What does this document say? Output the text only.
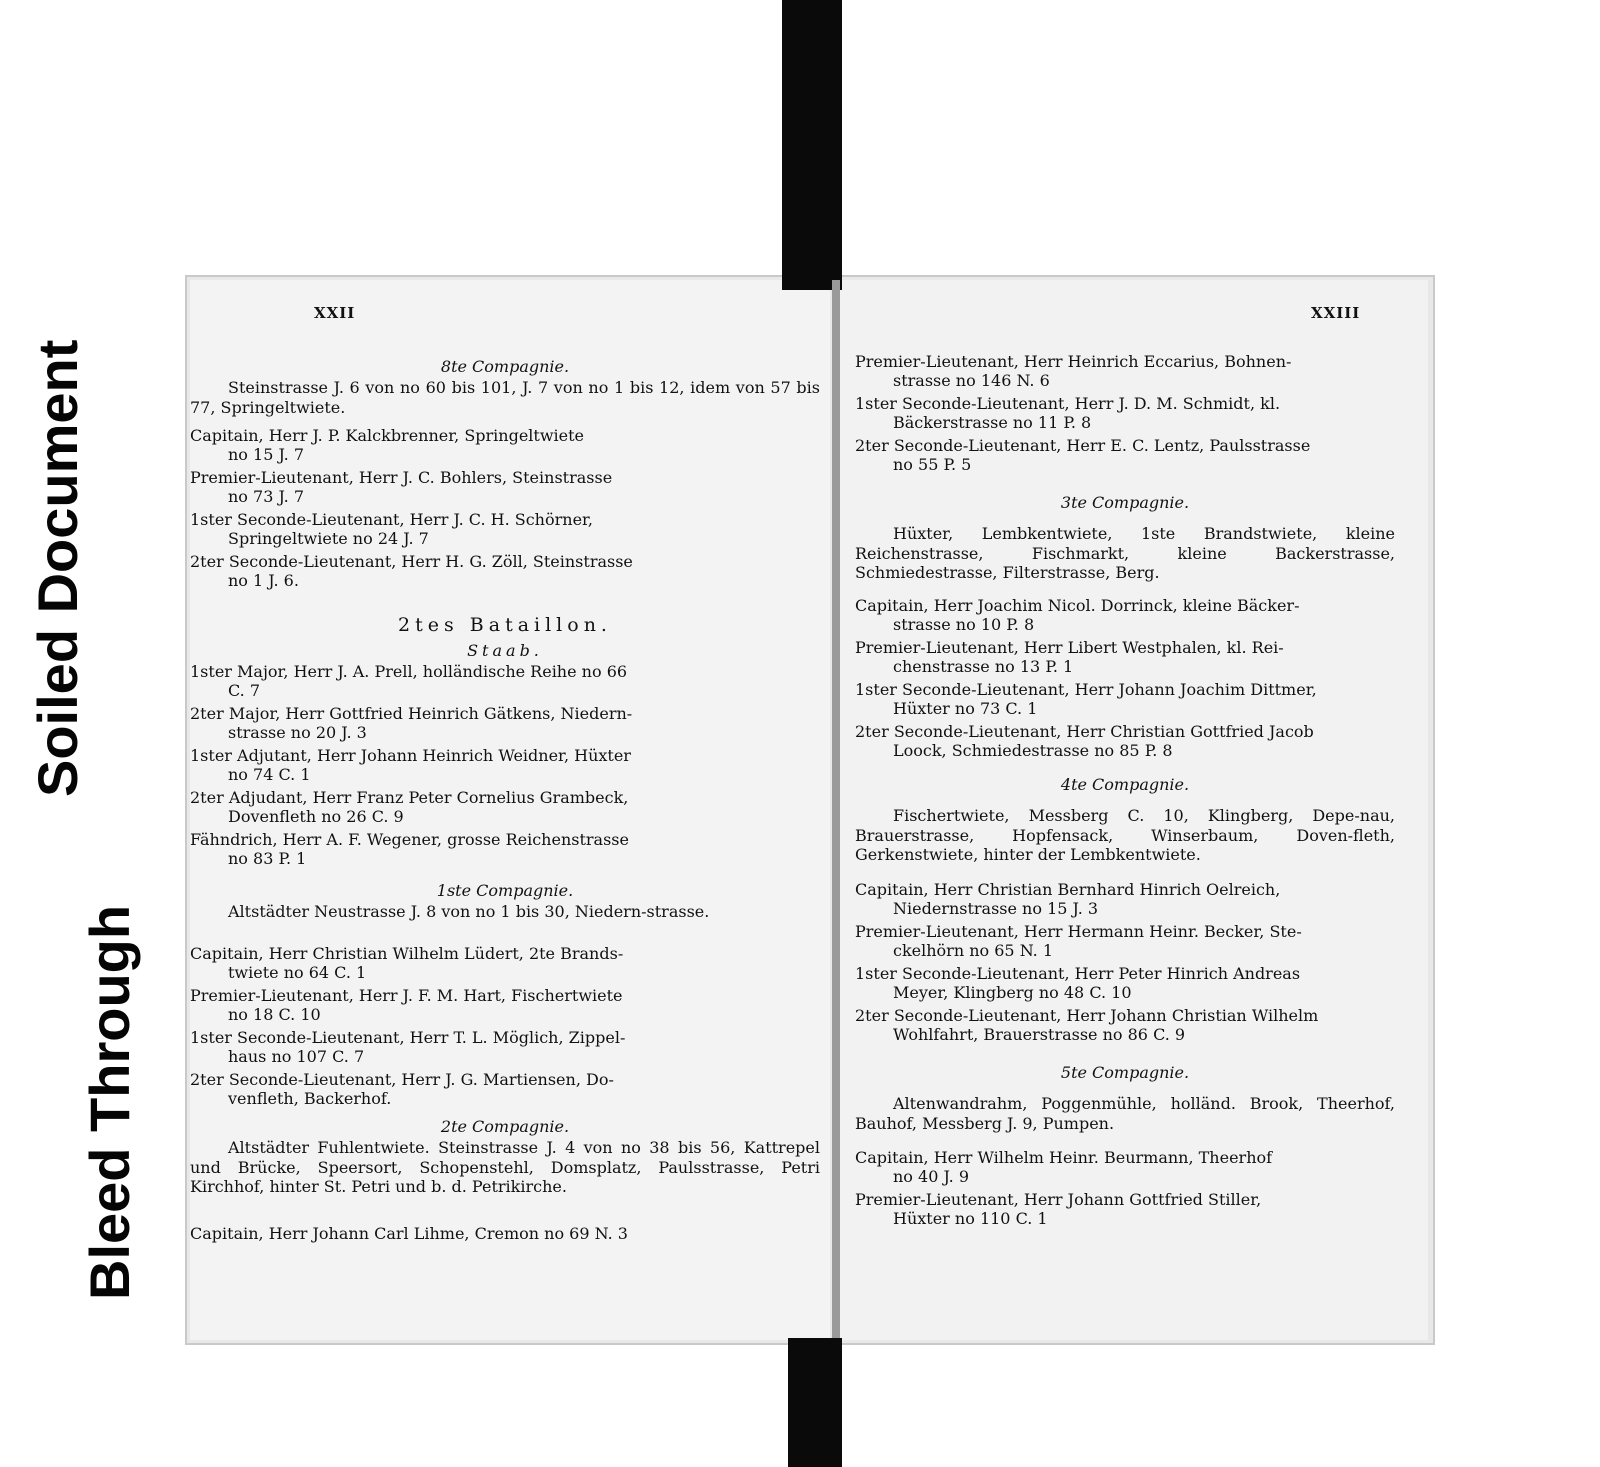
Bleed Through
Soiled Document
XXII
8te Compagnie.
Steinstrasse J. 6 von no 60 bis 101, J. 7 von no 1 bis 12, idem von 57 bis 77, Springeltwiete.
Capitain, Herr J. P. Kalckbrenner, Springeltwiete
no 15 J. 7
Premier-Lieutenant, Herr J. C. Bohlers, Steinstrasse
no 73 J. 7
1ster Seconde-Lieutenant, Herr J. C. H. Schörner,
Springeltwiete no 24 J. 7
2ter Seconde-Lieutenant, Herr H. G. Zöll, Steinstrasse
no 1 J. 6.
2tes Bataillon.
Staab.
1ster Major, Herr J. A. Prell, holländische Reihe no 66
C. 7
2ter Major, Herr Gottfried Heinrich Gätkens, Niedern-
strasse no 20 J. 3
1ster Adjutant, Herr Johann Heinrich Weidner, Hüxter
no 74 C. 1
2ter Adjudant, Herr Franz Peter Cornelius Grambeck,
Dovenfleth no 26 C. 9
Fähndrich, Herr A. F. Wegener, grosse Reichenstrasse
no 83 P. 1
1ste Compagnie.
Altstädter Neustrasse J. 8 von no 1 bis 30, Niedern-strasse.
Capitain, Herr Christian Wilhelm Lüdert, 2te Brands-
twiete no 64 C. 1
Premier-Lieutenant, Herr J. F. M. Hart, Fischertwiete
no 18 C. 10
1ster Seconde-Lieutenant, Herr T. L. Möglich, Zippel-
haus no 107 C. 7
2ter Seconde-Lieutenant, Herr J. G. Martiensen, Do-
venfleth, Backerhof.
2te Compagnie.
Altstädter Fuhlentwiete. Steinstrasse J. 4 von no 38 bis 56, Kattrepel und Brücke, Speersort, Schopenstehl, Domsplatz, Paulsstrasse, Petri Kirchhof, hinter St. Petri und b. d. Petrikirche.
Capitain, Herr Johann Carl Lihme, Cremon no 69 N. 3
XXIII
Premier-Lieutenant, Herr Heinrich Eccarius, Bohnen-
strasse no 146 N. 6
1ster Seconde-Lieutenant, Herr J. D. M. Schmidt, kl.
Bäckerstrasse no 11 P. 8
2ter Seconde-Lieutenant, Herr E. C. Lentz, Paulsstrasse
no 55 P. 5
3te Compagnie.
Hüxter, Lembkentwiete, 1ste Brandstwiete, kleine Reichenstrasse, Fischmarkt, kleine Backerstrasse, Schmiedestrasse, Filterstrasse, Berg.
Capitain, Herr Joachim Nicol. Dorrinck, kleine Bäcker-
strasse no 10 P. 8
Premier-Lieutenant, Herr Libert Westphalen, kl. Rei-
chenstrasse no 13 P. 1
1ster Seconde-Lieutenant, Herr Johann Joachim Dittmer,
Hüxter no 73 C. 1
2ter Seconde-Lieutenant, Herr Christian Gottfried Jacob
Loock, Schmiedestrasse no 85 P. 8
4te Compagnie.
Fischertwiete, Messberg C. 10, Klingberg, Depe-nau, Brauerstrasse, Hopfensack, Winserbaum, Doven-fleth, Gerkenstwiete, hinter der Lembkentwiete.
Capitain, Herr Christian Bernhard Hinrich Oelreich,
Niedernstrasse no 15 J. 3
Premier-Lieutenant, Herr Hermann Heinr. Becker, Ste-
ckelhörn no 65 N. 1
1ster Seconde-Lieutenant, Herr Peter Hinrich Andreas
Meyer, Klingberg no 48 C. 10
2ter Seconde-Lieutenant, Herr Johann Christian Wilhelm
Wohlfahrt, Brauerstrasse no 86 C. 9
5te Compagnie.
Altenwandrahm, Poggenmühle, holländ. Brook, Theerhof, Bauhof, Messberg J. 9, Pumpen.
Capitain, Herr Wilhelm Heinr. Beurmann, Theerhof
no 40 J. 9
Premier-Lieutenant, Herr Johann Gottfried Stiller,
Hüxter no 110 C. 1
